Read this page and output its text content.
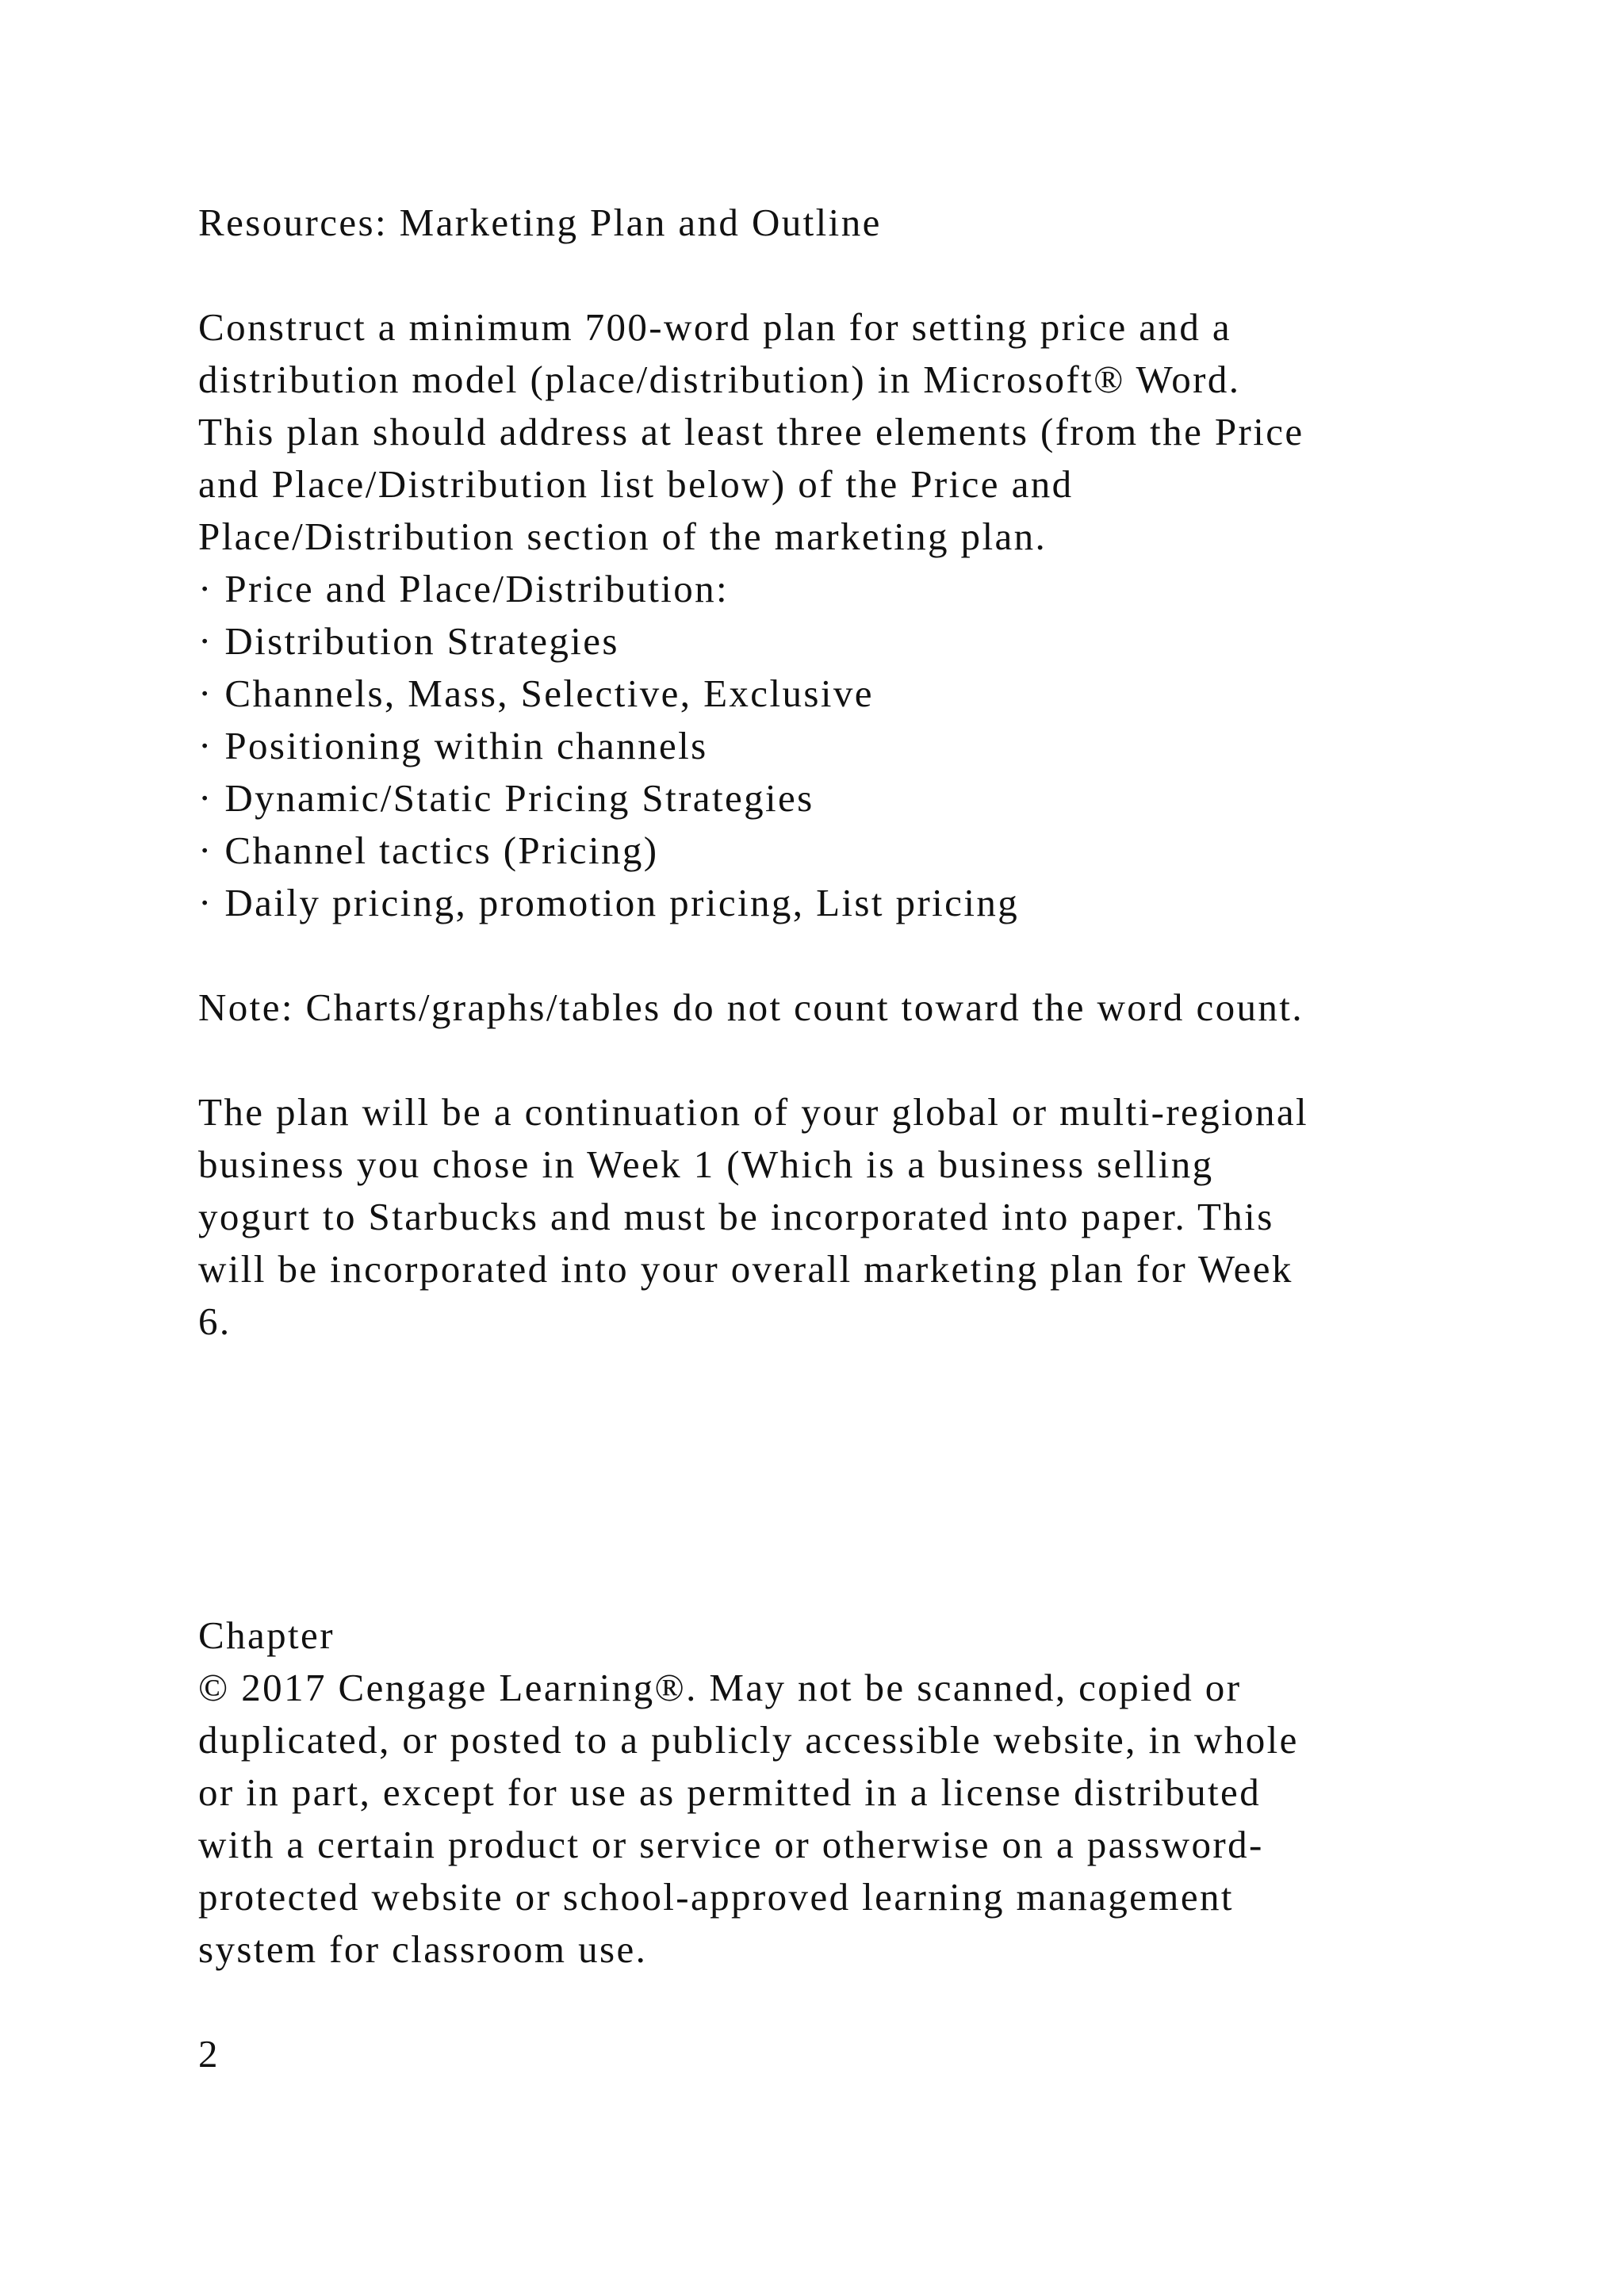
Resources: Marketing Plan and Outline
Construct a minimum 700-word plan for setting price and a
distribution model (place/distribution) in Microsoft® Word.
This plan should address at least three elements (from the Price
and Place/Distribution list below) of the Price and
Place/Distribution section of the marketing plan.
· Price and Place/Distribution:
· Distribution Strategies
· Channels, Mass, Selective, Exclusive
· Positioning within channels
· Dynamic/Static Pricing Strategies
· Channel tactics (Pricing)
· Daily pricing, promotion pricing, List pricing
Note: Charts/graphs/tables do not count toward the word count.
The plan will be a continuation of your global or multi-regional
business you chose in Week 1 (Which is a business selling
yogurt to Starbucks and must be incorporated into paper. This
will be incorporated into your overall marketing plan for Week
6.
Chapter
© 2017 Cengage Learning®. May not be scanned, copied or
duplicated, or posted to a publicly accessible website, in whole
or in part, except for use as permitted in a license distributed
with a certain product or service or otherwise on a password-
protected website or school-approved learning management
system for classroom use.
2
